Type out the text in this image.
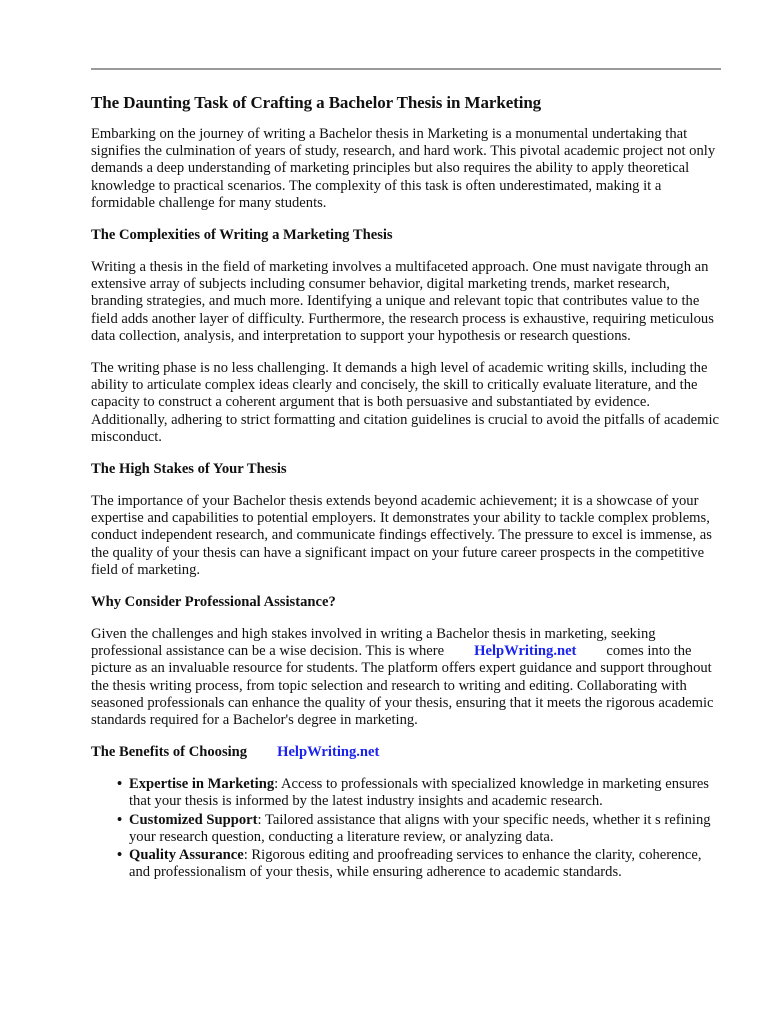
The Daunting Task of Crafting a Bachelor Thesis in Marketing

Embarking on the journey of writing a Bachelor thesis in Marketing is a monumental undertaking that signifies the culmination of years of study, research, and hard work. This pivotal academic project not only demands a deep understanding of marketing principles but also requires the ability to apply theoretical knowledge to practical scenarios. The complexity of this task is often underestimated, making it a formidable challenge for many students.

The Complexities of Writing a Marketing Thesis

Writing a thesis in the field of marketing involves a multifaceted approach. One must navigate through an extensive array of subjects including consumer behavior, digital marketing trends, market research, branding strategies, and much more. Identifying a unique and relevant topic that contributes value to the field adds another layer of difficulty. Furthermore, the research process is exhaustive, requiring meticulous data collection, analysis, and interpretation to support your hypothesis or research questions.

The writing phase is no less challenging. It demands a high level of academic writing skills, including the ability to articulate complex ideas clearly and concisely, the skill to critically evaluate literature, and the capacity to construct a coherent argument that is both persuasive and substantiated by evidence. Additionally, adhering to strict formatting and citation guidelines is crucial to avoid the pitfalls of academic misconduct.

The High Stakes of Your Thesis

The importance of your Bachelor thesis extends beyond academic achievement; it is a showcase of your expertise and capabilities to potential employers. It demonstrates your ability to tackle complex problems, conduct independent research, and communicate findings effectively. The pressure to excel is immense, as the quality of your thesis can have a significant impact on your future career prospects in the competitive field of marketing.

Why Consider Professional Assistance?

Given the challenges and high stakes involved in writing a Bachelor thesis in marketing, seeking professional assistance can be a wise decision. This is where HelpWriting.net comes into the picture as an invaluable resource for students. The platform offers expert guidance and support throughout the thesis writing process, from topic selection and research to writing and editing. Collaborating with seasoned professionals can enhance the quality of your thesis, ensuring that it meets the rigorous academic standards required for a Bachelor's degree in marketing.

The Benefits of Choosing HelpWriting.net
• Expertise in Marketing: Access to professionals with specialized knowledge in marketing ensures that your thesis is informed by the latest industry insights and academic research.
• Customized Support: Tailored assistance that aligns with your specific needs, whether it s refining your research question, conducting a literature review, or analyzing data.
• Quality Assurance: Rigorous editing and proofreading services to enhance the clarity, coherence, and professionalism of your thesis, while ensuring adherence to academic standards.
